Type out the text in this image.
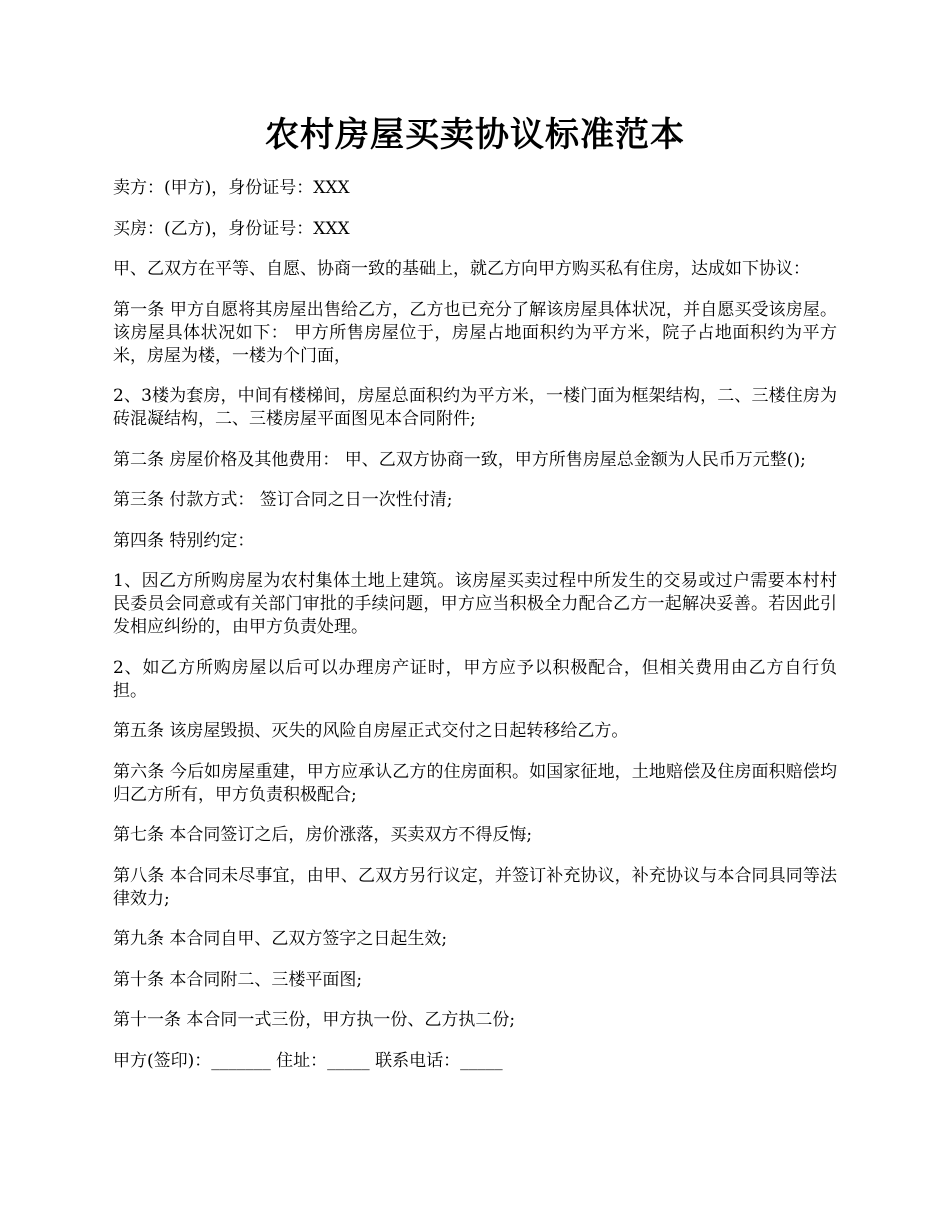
农村房屋买卖协议标准范本

卖方：(甲方)，身份证号：XXX

买房：(乙方)，身份证号：XXX

甲、乙双方在平等、自愿、协商一致的基础上，就乙方向甲方购买私有住房，达成如下协议：

第一条 甲方自愿将其房屋出售给乙方，乙方也已充分了解该房屋具体状况，并自愿买受该房屋。该房屋具体状况如下： 甲方所售房屋位于，房屋占地面积约为平方米，院子占地面积约为平方米，房屋为楼，一楼为个门面，

2、3楼为套房，中间有楼梯间，房屋总面积约为平方米，一楼门面为框架结构，二、三楼住房为砖混凝结构，二、三楼房屋平面图见本合同附件;

第二条 房屋价格及其他费用： 甲、乙双方协商一致，甲方所售房屋总金额为人民币万元整();

第三条 付款方式： 签订合同之日一次性付清;

第四条 特别约定：

1、因乙方所购房屋为农村集体土地上建筑。该房屋买卖过程中所发生的交易或过户需要本村村民委员会同意或有关部门审批的手续问题，甲方应当积极全力配合乙方一起解决妥善。若因此引发相应纠纷的，由甲方负责处理。

2、如乙方所购房屋以后可以办理房产证时，甲方应予以积极配合，但相关费用由乙方自行负担。

第五条 该房屋毁损、灭失的风险自房屋正式交付之日起转移给乙方。

第六条 今后如房屋重建，甲方应承认乙方的住房面积。如国家征地，土地赔偿及住房面积赔偿均归乙方所有，甲方负责积极配合;

第七条 本合同签订之后，房价涨落，买卖双方不得反悔;

第八条 本合同未尽事宜，由甲、乙双方另行议定，并签订补充协议，补充协议与本合同具同等法律效力;

第九条 本合同自甲、乙双方签字之日起生效;

第十条 本合同附二、三楼平面图;

第十一条 本合同一式三份，甲方执一份、乙方执二份;

甲方(签印)：_______ 住址：_____ 联系电话：_____
